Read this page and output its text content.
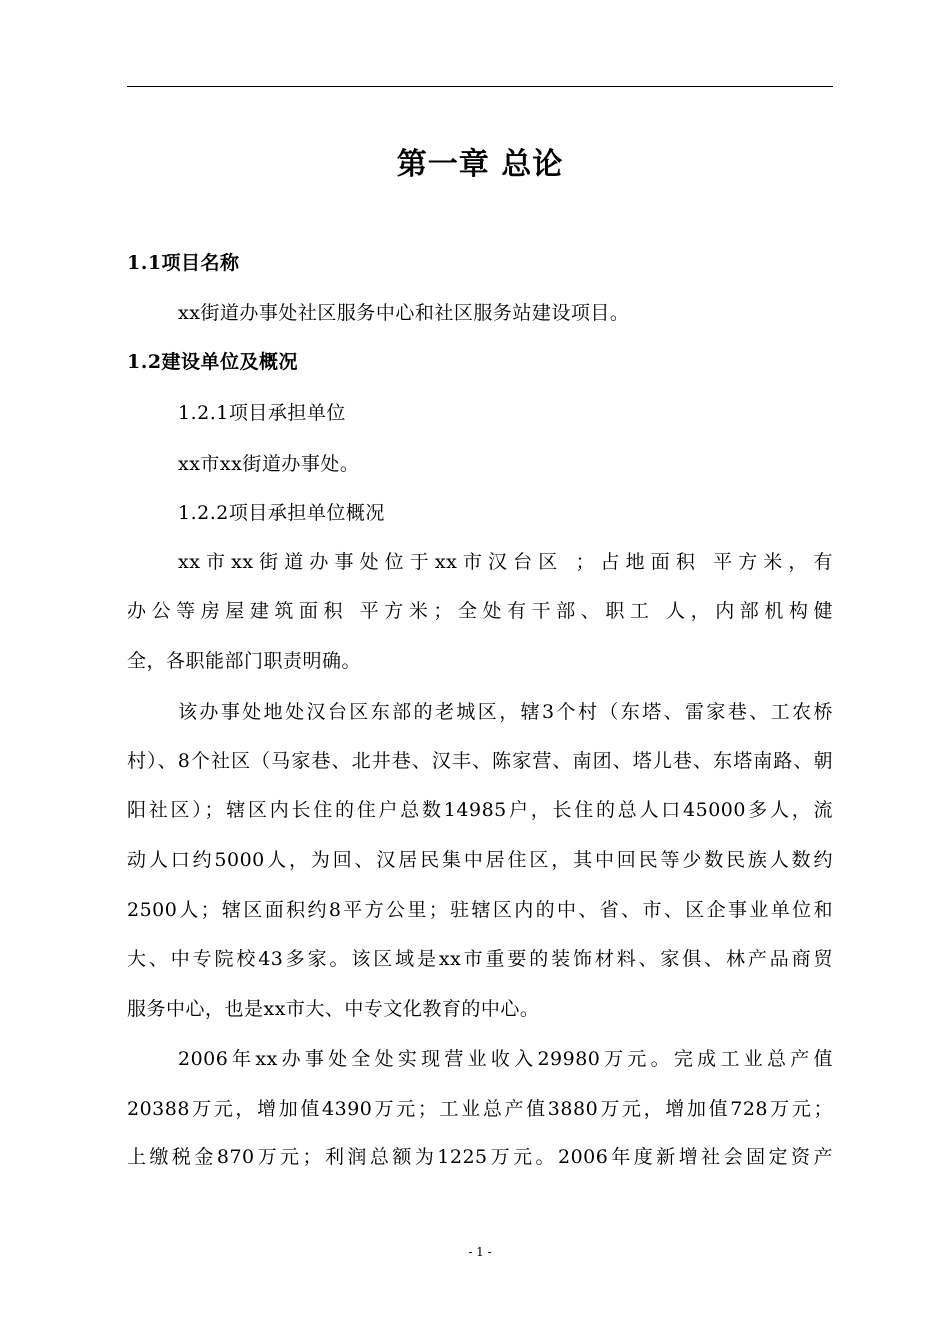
第一章 总论
1.1项目名称
xx街道办事处社区服务中心和社区服务站建设项目。
1.2建设单位及概况
1.2.1项目承担单位
xx市xx街道办事处。
1.2.2项目承担单位概况
xx市xx街道办事处位于xx市汉台区 ；占地面积 平方米，有
办公等房屋建筑面积 平方米；全处有干部、职工 人，内部机构健
全，各职能部门职责明确。
该办事处地处汉台区东部的老城区，辖3个村（东塔、雷家巷、工农桥
村）、8个社区（马家巷、北井巷、汉丰、陈家营、南团、塔儿巷、东塔南路、朝
阳社区）；辖区内长住的住户总数14985户，长住的总人口45000多人，流
动人口约5000人，为回、汉居民集中居住区，其中回民等少数民族人数约
2500人；辖区面积约8平方公里；驻辖区内的中、省、市、区企事业单位和
大、中专院校43多家。该区域是xx市重要的装饰材料、家俱、林产品商贸
服务中心，也是xx市大、中专文化教育的中心。
2006年xx办事处全处实现营业收入29980万元。完成工业总产值
20388万元，增加值4390万元；工业总产值3880万元，增加值728万元；
上缴税金870万元；利润总额为1225万元。2006年度新增社会固定资产
- 1 -
